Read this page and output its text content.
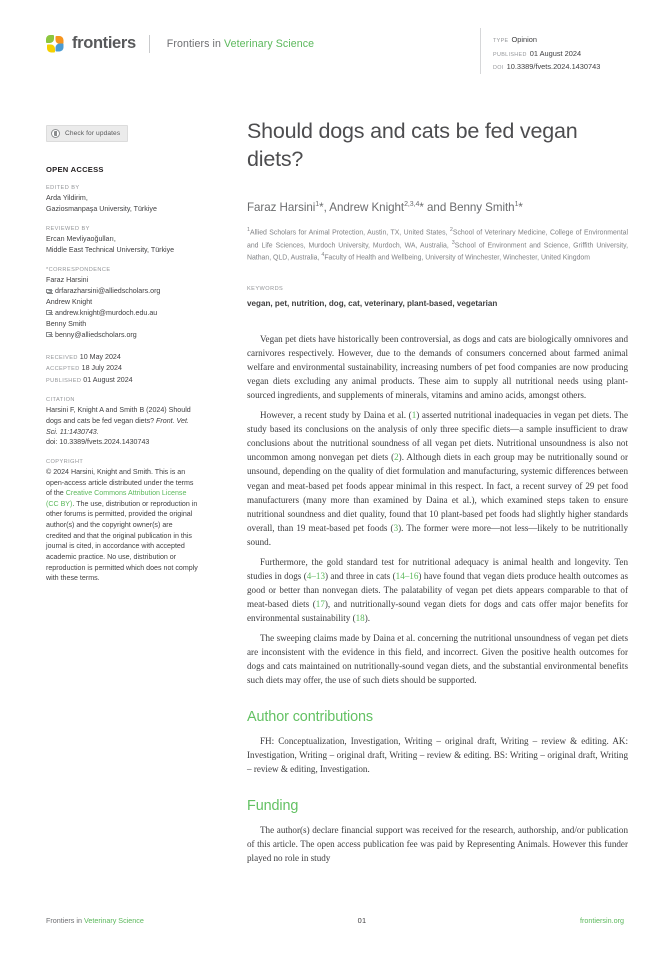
frontiers	Frontiers in Veterinary Science	TYPE Opinion
PUBLISHED 01 August 2024
DOI 10.3389/fvets.2024.1430743
Check for updates
OPEN ACCESS
EDITED BY
Arda Yildirim,
Gaziosmanpaşa University, Türkiye
REVIEWED BY
Ercan Mevliyaoğulları,
Middle East Technical University, Türkiye
*CORRESPONDENCE
Faraz Harsini
drfarazharsini@alliedscholars.org
Andrew Knight
andrew.knight@murdoch.edu.au
Benny Smith
benny@alliedscholars.org
RECEIVED 10 May 2024
ACCEPTED 18 July 2024
PUBLISHED 01 August 2024
CITATION
Harsini F, Knight A and Smith B (2024) Should dogs and cats be fed vegan diets? Front. Vet. Sci. 11:1430743.
doi: 10.3389/fvets.2024.1430743
COPYRIGHT
© 2024 Harsini, Knight and Smith. This is an open-access article distributed under the terms of the Creative Commons Attribution License (CC BY). The use, distribution or reproduction in other forums is permitted, provided the original author(s) and the copyright owner(s) are credited and that the original publication in this journal is cited, in accordance with accepted academic practice. No use, distribution or reproduction is permitted which does not comply with these terms.
Should dogs and cats be fed vegan diets?
Faraz Harsini$^1$*, Andrew Knight$^{2,3,4}$* and Benny Smith$^1$*
$^1$Allied Scholars for Animal Protection, Austin, TX, United States, $^2$School of Veterinary Medicine, College of Environmental and Life Sciences, Murdoch University, Murdoch, WA, Australia, $^3$School of Environment and Science, Griffith University, Nathan, QLD, Australia, $^4$Faculty of Health and Wellbeing, University of Winchester, Winchester, United Kingdom
KEYWORDS
vegan, pet, nutrition, dog, cat, veterinary, plant-based, vegetarian

Vegan pet diets have historically been controversial, as dogs and cats are biologically omnivores and carnivores respectively. However, due to the demands of consumers concerned about farmed animal welfare and environmental sustainability, increasing numbers of pet food companies are now producing vegan diets excluding any animal products. These aim to supply all nutritional needs using plant-sourced ingredients, and supplements of minerals, vitamins and amino acids, amongst others.

However, a recent study by Daina et al. (1) asserted nutritional inadequacies in vegan pet diets. The study based its conclusions on the analysis of only three specific diets—a sample insufficient to draw conclusions about the nutritional soundness of all vegan pet diets. Nutritional unsoundness is also not uncommon among nonvegan pet diets (2). Although diets in each group may be nutritionally sound or unsound, depending on the quality of diet formulation and manufacturing, systemic differences between vegan and meat-based pet foods appear minimal in this respect. In fact, a recent survey of 29 pet food manufacturers (many more than examined by Daina et al.), which examined steps taken to ensure nutritional soundness and diet quality, found that 10 plant-based pet foods had slightly higher standards overall, than 19 meat-based pet foods (3). The former were more—not less—likely to be nutritionally sound.

Furthermore, the gold standard test for nutritional adequacy is animal health and longevity. Ten studies in dogs (4–13) and three in cats (14–16) have found that vegan diets produce health outcomes as good or better than nonvegan diets. The palatability of vegan pet diets appears comparable to that of meat-based diets (17), and nutritionally-sound vegan diets for dogs and cats offer major benefits for environmental sustainability (18).

The sweeping claims made by Daina et al. concerning the nutritional unsoundness of vegan pet diets are inconsistent with the evidence in this field, and incorrect. Given the positive health outcomes for dogs and cats maintained on nutritionally-sound vegan diets, and the substantial environmental benefits such diets may offer, the use of such diets should be supported.

Author contributions

FH: Conceptualization, Investigation, Writing – original draft, Writing – review & editing. AK: Investigation, Writing – original draft, Writing – review & editing. BS: Writing – original draft, Writing – review & editing, Investigation.

Funding

The author(s) declare financial support was received for the research, authorship, and/or publication of this article. The open access publication fee was paid by Representing Animals. However this funder played no role in study

Frontiers in Veterinary Science	01	frontiersin.org
